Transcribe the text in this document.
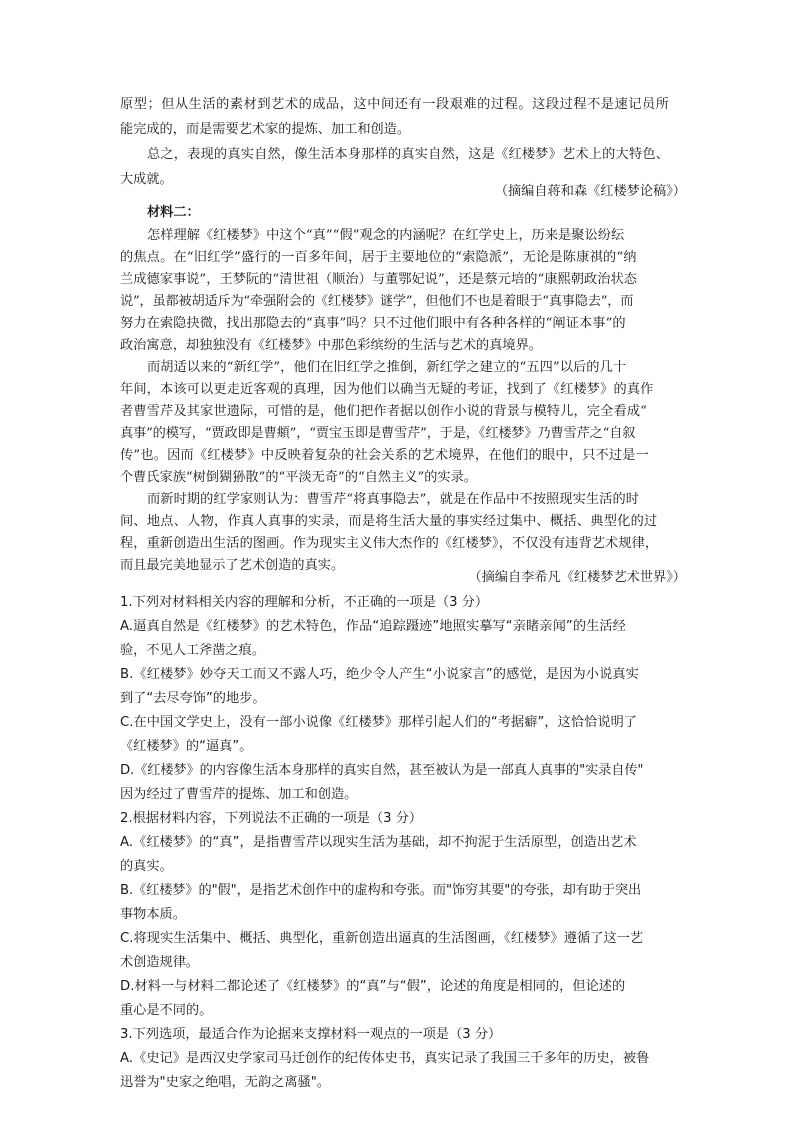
原型；但从生活的素材到艺术的成品，这中间还有一段艰难的过程。这段过程不是速记员所
能完成的，而是需要艺术家的提炼、加工和创造。
总之，表现的真实自然，像生活本身那样的真实自然，这是《红楼梦》艺术上的大特色、
大成就。
（摘编自蒋和森《红楼梦论稿》）
材料二：
怎样理解《红楼梦》中这个“真”“假”观念的内涵呢？在红学史上，历来是聚讼纷纭
的焦点。在“旧红学”盛行的一百多年间，居于主要地位的“索隐派”，无论是陈康祺的“纳
兰成德家事说”，王梦阮的“清世祖（顺治）与董鄂妃说”，还是蔡元培的“康熙朝政治状态
说”，虽都被胡适斥为“牵强附会的《红楼梦》谜学”，但他们不也是着眼于“真事隐去”，而
努力在索隐抉微，找出那隐去的“真事”吗？只不过他们眼中有各种各样的“阐证本事”的
政治寓意，却独独没有《红楼梦》中那色彩缤纷的生活与艺术的真境界。
而胡适以来的“新红学”，他们在旧红学之推倒，新红学之建立的“五四”以后的几十
年间，本该可以更走近客观的真理，因为他们以确当无疑的考证，找到了《红楼梦》的真作
者曹雪芹及其家世遗际，可惜的是，他们把作者据以创作小说的背景与模特儿，完全看成“
真事”的模写，“贾政即是曹頫”，“贾宝玉即是曹雪芹”，于是，《红楼梦》乃曹雪芹之“自叙
传”也。因而《红楼梦》中反映着复杂的社会关系的艺术境界，在他们的眼中，只不过是一
个曹氏家族“树倒猢狲散”的“平淡无奇”的“自然主义”的实录。
而新时期的红学家则认为：曹雪芹“将真事隐去”，就是在作品中不按照现实生活的时
间、地点、人物，作真人真事的实录，而是将生活大量的事实经过集中、概括、典型化的过
程，重新创造出生活的图画。作为现实主义伟大杰作的《红楼梦》，不仅没有违背艺术规律，
而且最完美地显示了艺术创造的真实。
（摘编自李希凡《红楼梦艺术世界》）
1.下列对材料相关内容的理解和分析，不正确的一项是（3 分）
A.逼真自然是《红楼梦》的艺术特色，作品“追踪蹑迹”地照实摹写“亲睹亲闻”的生活经
验，不见人工斧凿之痕。
B.《红楼梦》妙夺天工而又不露人巧，绝少令人产生“小说家言”的感觉，是因为小说真实
到了“去尽夸饰”的地步。
C.在中国文学史上，没有一部小说像《红楼梦》那样引起人们的“考据癖”，这恰恰说明了
《红楼梦》的“逼真”。
D.《红楼梦》的内容像生活本身那样的真实自然，甚至被认为是一部真人真事的"实录自传"
因为经过了曹雪芹的提炼、加工和创造。
2.根据材料内容，下列说法不正确的一项是（3 分）
A.《红楼梦》的“真”，是指曹雪芹以现实生活为基础，却不拘泥于生活原型，创造出艺术
的真实。
B.《红楼梦》的"假"，是指艺术创作中的虚构和夸张。而"饰穷其要"的夸张，却有助于突出
事物本质。
C.将现实生活集中、概括、典型化，重新创造出逼真的生活图画，《红楼梦》遵循了这一艺
术创造规律。
D.材料一与材料二都论述了《红楼梦》的“真”与“假”，论述的角度是相同的，但论述的
重心是不同的。
3.下列选项，最适合作为论据来支撑材料一观点的一项是（3 分）
A.《史记》是西汉史学家司马迁创作的纪传体史书，真实记录了我国三千多年的历史，被鲁
迅誉为"史家之绝唱，无韵之离骚"。
